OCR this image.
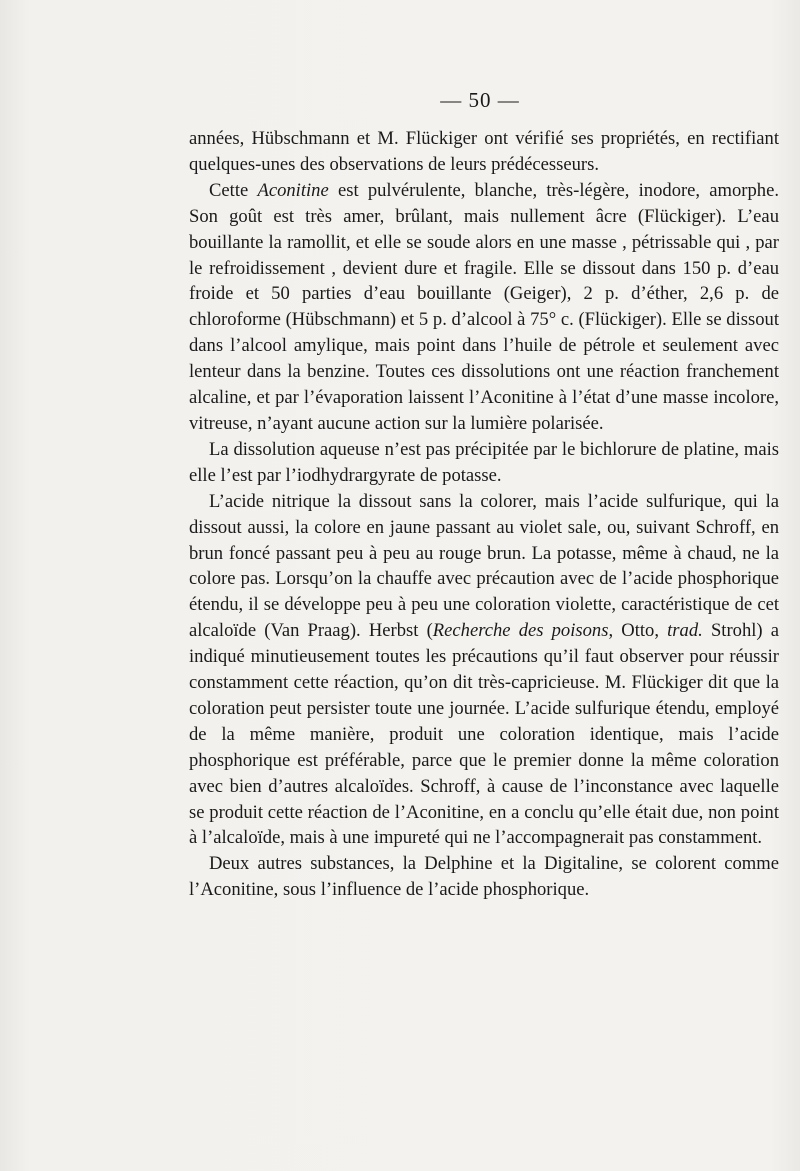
— 50 —

années, Hübschmann et M. Flückiger ont vérifié ses propriétés, en rectifiant quelques-unes des observations de leurs prédécesseurs.

Cette Aconitine est pulvérulente, blanche, très-légère, inodore, amorphe. Son goût est très amer, brûlant, mais nullement âcre (Flückiger). L’eau bouillante la ramollit, et elle se soude alors en une masse , pétrissable qui , par le refroidissement , devient dure et fragile. Elle se dissout dans 150 p. d’eau froide et 50 parties d’eau bouillante (Geiger), 2 p. d’éther, 2,6 p. de chloroforme (Hübschmann) et 5 p. d’alcool à 75° c. (Flückiger). Elle se dissout dans l’alcool amylique, mais point dans l’huile de pétrole et seulement avec lenteur dans la benzine. Toutes ces dissolutions ont une réaction franchement alcaline, et par l’évaporation laissent l’Aconitine à l’état d’une masse incolore, vitreuse, n’ayant aucune action sur la lumière polarisée.

La dissolution aqueuse n’est pas précipitée par le bichlorure de platine, mais elle l’est par l’iodhydrargyrate de potasse.

L’acide nitrique la dissout sans la colorer, mais l’acide sulfurique, qui la dissout aussi, la colore en jaune passant au violet sale, ou, suivant Schroff, en brun foncé passant peu à peu au rouge brun. La potasse, même à chaud, ne la colore pas. Lorsqu’on la chauffe avec précaution avec de l’acide phosphorique étendu, il se développe peu à peu une coloration violette, caractéristique de cet alcaloïde (Van Praag). Herbst (Recherche des poisons, Otto, trad. Strohl) a indiqué minutieusement toutes les précautions qu’il faut observer pour réussir constamment cette réaction, qu’on dit très-capricieuse. M. Flückiger dit que la coloration peut persister toute une journée. L’acide sulfurique étendu, employé de la même manière, produit une coloration identique, mais l’acide phosphorique est préférable, parce que le premier donne la même coloration avec bien d’autres alcaloïdes. Schroff, à cause de l’inconstance avec laquelle se produit cette réaction de l’Aconitine, en a conclu qu’elle était due, non point à l’alcaloïde, mais à une impureté qui ne l’accompagnerait pas constamment.

Deux autres substances, la Delphine et la Digitaline, se colorent comme l’Aconitine, sous l’influence de l’acide phosphorique.
